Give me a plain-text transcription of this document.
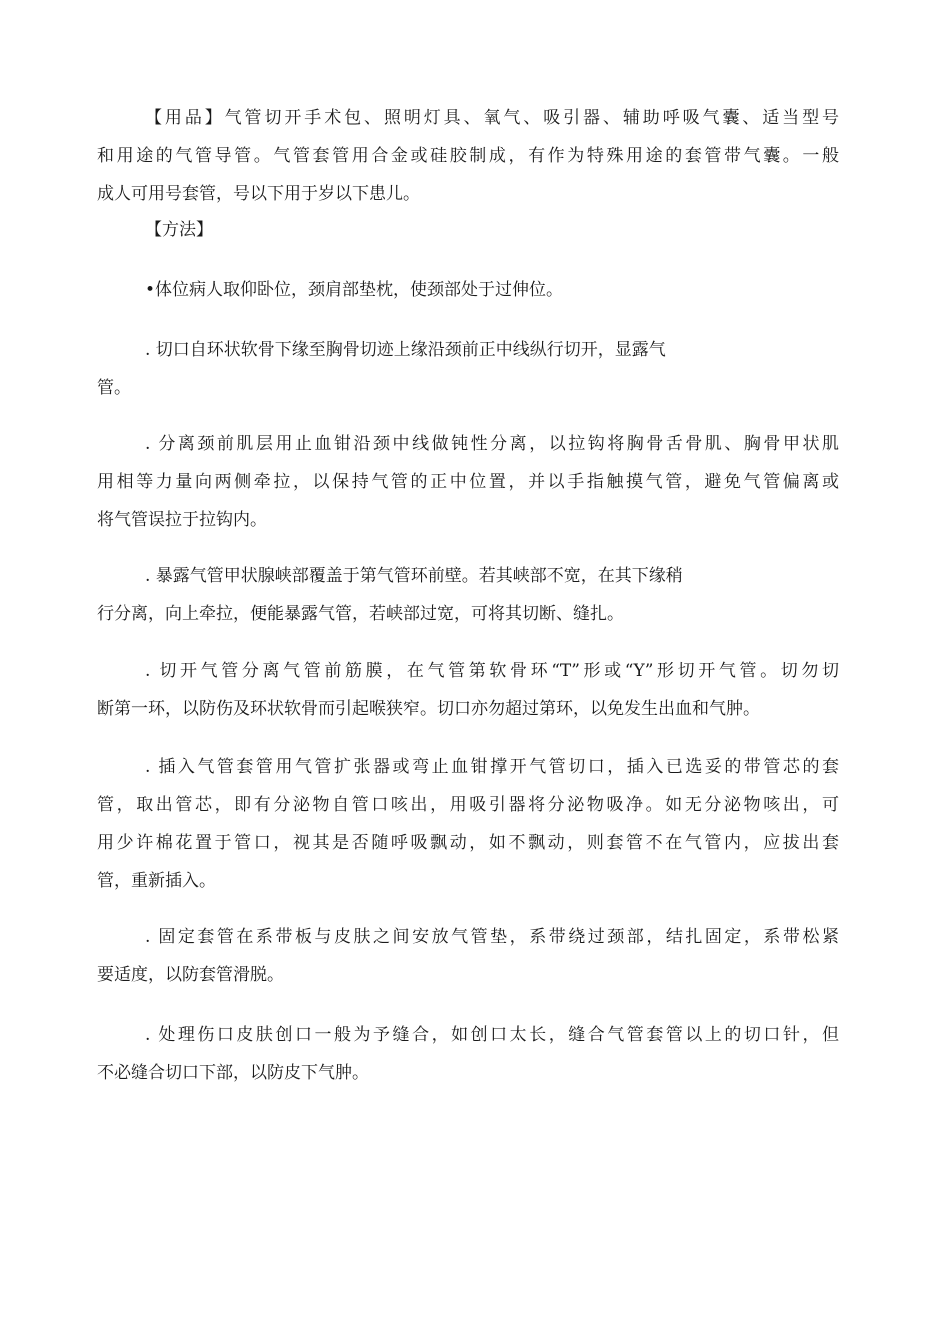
【用品】气管切开手术包、照明灯具、氧气、吸引器、辅助呼吸气囊、适当型号
和用途的气管导管。气管套管用合金或硅胶制成，有作为特殊用途的套管带气囊。一般
成人可用号套管，号以下用于岁以下患儿。
【方法】
•体位病人取仰卧位，颈肩部垫枕，使颈部处于过伸位。
. 切口自环状软骨下缘至胸骨切迹上缘沿颈前正中线纵行切开，显露气
管。
. 分离颈前肌层用止血钳沿颈中线做钝性分离，以拉钩将胸骨舌骨肌、胸骨甲状肌
用相等力量向两侧牵拉，以保持气管的正中位置，并以手指触摸气管，避免气管偏离或
将气管误拉于拉钩内。
. 暴露气管甲状腺峡部覆盖于第气管环前壁。若其峡部不宽，在其下缘稍
行分离，向上牵拉，便能暴露气管，若峡部过宽，可将其切断、缝扎。
. 切开气管分离气管前筋膜，在气管第软骨环“T”形或“Y”形切开气管。切勿切
断第一环，以防伤及环状软骨而引起喉狭窄。切口亦勿超过第环，以免发生出血和气肿。
. 插入气管套管用气管扩张器或弯止血钳撑开气管切口，插入已选妥的带管芯的套
管，取出管芯，即有分泌物自管口咳出，用吸引器将分泌物吸净。如无分泌物咳出，可
用少许棉花置于管口，视其是否随呼吸飘动，如不飘动，则套管不在气管内，应拔出套
管，重新插入。
. 固定套管在系带板与皮肤之间安放气管垫，系带绕过颈部，结扎固定，系带松紧
要适度，以防套管滑脱。
. 处理伤口皮肤创口一般为予缝合，如创口太长，缝合气管套管以上的切口针，但
不必缝合切口下部，以防皮下气肿。
